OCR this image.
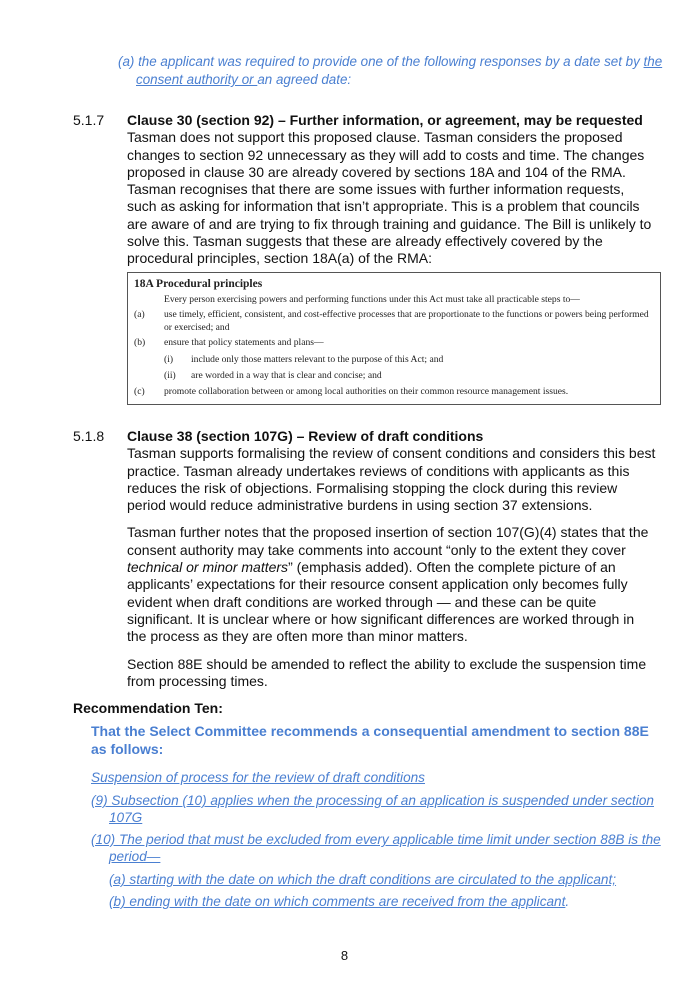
(a) the applicant was required to provide one of the following responses by a date set by the consent authority or an agreed date:
5.1.7 Clause 30 (section 92) – Further information, or agreement, may be requested

Tasman does not support this proposed clause. Tasman considers the proposed changes to section 92 unnecessary as they will add to costs and time. The changes proposed in clause 30 are already covered by sections 18A and 104 of the RMA. Tasman recognises that there are some issues with further information requests, such as asking for information that isn’t appropriate. This is a problem that councils are aware of and are trying to fix through training and guidance. The Bill is unlikely to solve this. Tasman suggests that these are already effectively covered by the procedural principles, section 18A(a) of the RMA:

18A Procedural principles
Every person exercising powers and performing functions under this Act must take all practicable steps to—
(a)	use timely, efficient, consistent, and cost-effective processes that are proportionate to the functions or powers being performed or exercised; and
(b)	ensure that policy statements and plans—
(i)	include only those matters relevant to the purpose of this Act; and
(ii)	are worded in a way that is clear and concise; and
(c)	promote collaboration between or among local authorities on their common resource management issues.
5.1.8 Clause 38 (section 107G) – Review of draft conditions

Tasman supports formalising the review of consent conditions and considers this best practice. Tasman already undertakes reviews of conditions with applicants as this reduces the risk of objections. Formalising stopping the clock during this review period would reduce administrative burdens in using section 37 extensions.

Tasman further notes that the proposed insertion of section 107(G)(4) states that the consent authority may take comments into account “only to the extent they cover technical or minor matters” (emphasis added). Often the complete picture of an applicants’ expectations for their resource consent application only becomes fully evident when draft conditions are worked through — and these can be quite significant. It is unclear where or how significant differences are worked through in the process as they are often more than minor matters.

Section 88E should be amended to reflect the ability to exclude the suspension time from processing times.

Recommendation Ten:
That the Select Committee recommends a consequential amendment to section 88E as follows:
Suspension of process for the review of draft conditions
(9) Subsection (10) applies when the processing of an application is suspended under section 107G
(10) The period that must be excluded from every applicable time limit under section 88B is the period—
(a) starting with the date on which the draft conditions are circulated to the applicant;
(b) ending with the date on which comments are received from the applicant.
8
